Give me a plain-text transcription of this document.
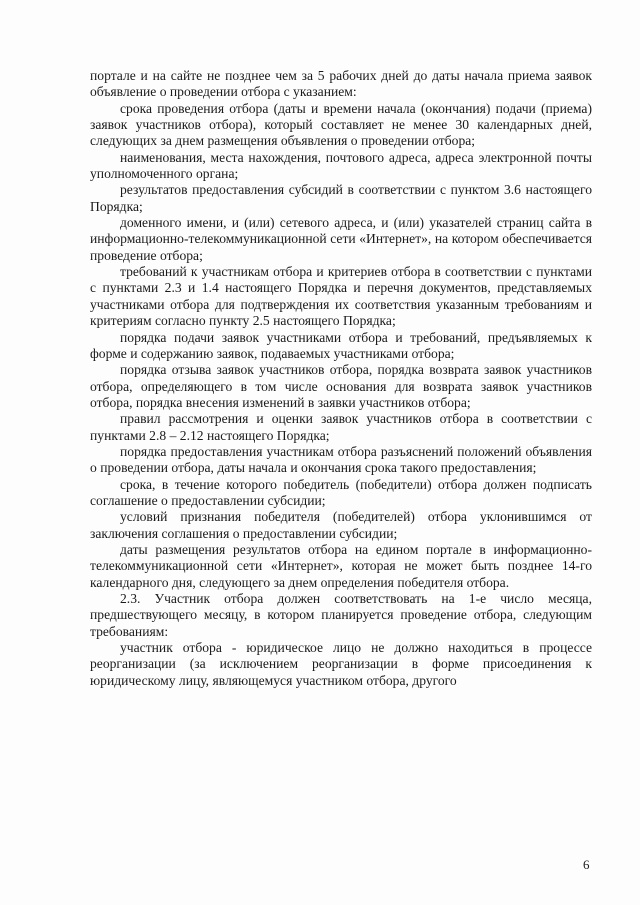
портале и на сайте не позднее чем за 5 рабочих дней до даты начала приема заявок объявление о проведении отбора с указанием:

срока проведения отбора (даты и времени начала (окончания) подачи (приема) заявок участников отбора), который составляет не менее 30 календарных дней, следующих за днем размещения объявления о проведении отбора;

наименования, места нахождения, почтового адреса, адреса электронной почты уполномоченного органа;

результатов предоставления субсидий в соответствии с пунктом 3.6 настоящего Порядка;

доменного имени, и (или) сетевого адреса, и (или) указателей страниц сайта в информационно-телекоммуникационной сети «Интернет», на котором обеспечивается проведение отбора;

требований к участникам отбора и критериев отбора в соответствии с пунктами с пунктами 2.3 и 1.4 настоящего Порядка и перечня документов, представляемых участниками отбора для подтверждения их соответствия указанным требованиям и критериям согласно пункту 2.5 настоящего Порядка;

порядка подачи заявок участниками отбора и требований, предъявляемых к форме и содержанию заявок, подаваемых участниками отбора;

порядка отзыва заявок участников отбора, порядка возврата заявок участников отбора, определяющего в том числе основания для возврата заявок участников отбора, порядка внесения изменений в заявки участников отбора;

правил рассмотрения и оценки заявок участников отбора в соответствии с пунктами 2.8 – 2.12 настоящего Порядка;

порядка предоставления участникам отбора разъяснений положений объявления о проведении отбора, даты начала и окончания срока такого предоставления;

срока, в течение которого победитель (победители) отбора должен подписать соглашение о предоставлении субсидии;

условий признания победителя (победителей) отбора уклонившимся от заключения соглашения о предоставлении субсидии;

даты размещения результатов отбора на едином портале в информационно-телекоммуникационной сети «Интернет», которая не может быть позднее 14-го календарного дня, следующего за днем определения победителя отбора.

2.3. Участник отбора должен соответствовать на 1-е число месяца, предшествующего месяцу, в котором планируется проведение отбора, следующим требованиям:

участник отбора - юридическое лицо не должно находиться в процессе реорганизации (за исключением реорганизации в форме присоединения к юридическому лицу, являющемуся участником отбора, другого

6
